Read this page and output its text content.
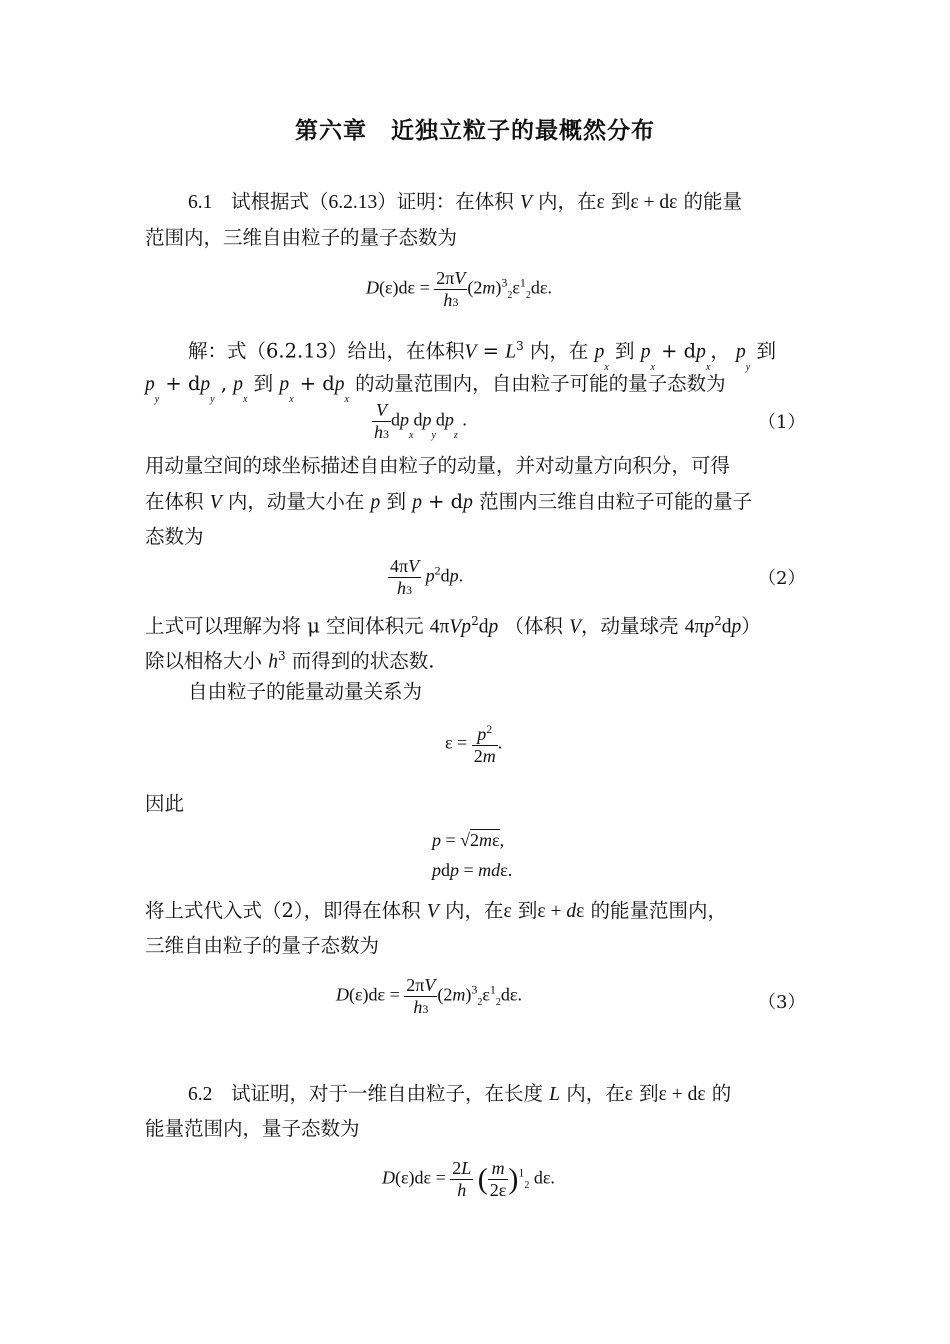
第六章　近独立粒子的最概然分布
6.1   试根据式（6.2.13）证明：在体积 V 内，在ε 到ε + dε 的能量
范围内，三维自由粒子的量子态数为
$D(\varepsilon)d\varepsilon = \frac{2\pi V}{h3} (2m)^3_2\varepsilon^1_2d\varepsilon$.
解：式（6.2.13）给出，在体积$V = L^3$ 内，在 $p_x$ 到 $p_x + dp_x$， $p_y$ 到
$p_y + dp_y$ , $p_x$ 到 $p_x + dp_x$ 的动量范围内，自由粒子可能的量子态数为
$\frac{V}{h3} dp_xdp_ydp_z$ .	（1）
用动量空间的球坐标描述自由粒子的动量，并对动量方向积分，可得
在体积 V 内，动量大小在 p 到 p + dp 范围内三维自由粒子可能的量子
态数为
$\frac{4\pi V}{h3} p^2dp$.	（2）
上式可以理解为将 μ 空间体积元 4πVp$^2$dp （体积 V，动量球壳 $4\pi p^2dp$）
除以相格大小 $h^3$ 而得到的状态数.
自由粒子的能量动量关系为
$\varepsilon = \frac{p^2}{2m}$ .
因此
p = √2mε,
pdp = mdε.
将上式代入式（2），即得在体积 V 内，在ε 到ε + dε 的能量范围内，
三维自由粒子的量子态数为
$D(\varepsilon)d\varepsilon = \frac{2\pi V}{h3} (2m)^3_2\varepsilon^1_2d\varepsilon$.	（3）
6.2   试证明，对于一维自由粒子，在长度 L 内，在ε 到ε + dε 的
能量范围内，量子态数为
$D(\varepsilon)d\varepsilon = \frac{2L}{h}$ ( $\frac{m}{2\varepsilon} )^1_2$ dε.
